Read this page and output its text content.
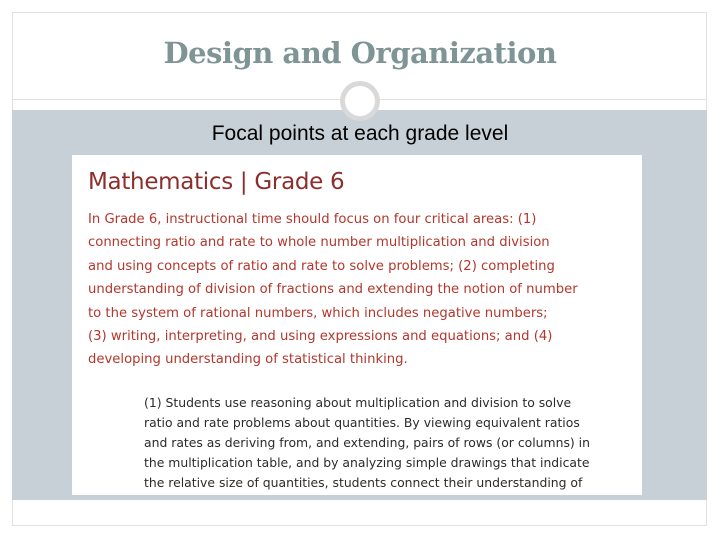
Design and Organization
Focal points at each grade level
Mathematics | Grade 6

In Grade 6, instructional time should focus on four critical areas: (1)
connecting ratio and rate to whole number multiplication and division
and using concepts of ratio and rate to solve problems; (2) completing
understanding of division of fractions and extending the notion of number
to the system of rational numbers, which includes negative numbers;
(3) writing, interpreting, and using expressions and equations; and (4)
developing understanding of statistical thinking.

(1) Students use reasoning about multiplication and division to solve
ratio and rate problems about quantities. By viewing equivalent ratios
and rates as deriving from, and extending, pairs of rows (or columns) in
the multiplication table, and by analyzing simple drawings that indicate
the relative size of quantities, students connect their understanding of
